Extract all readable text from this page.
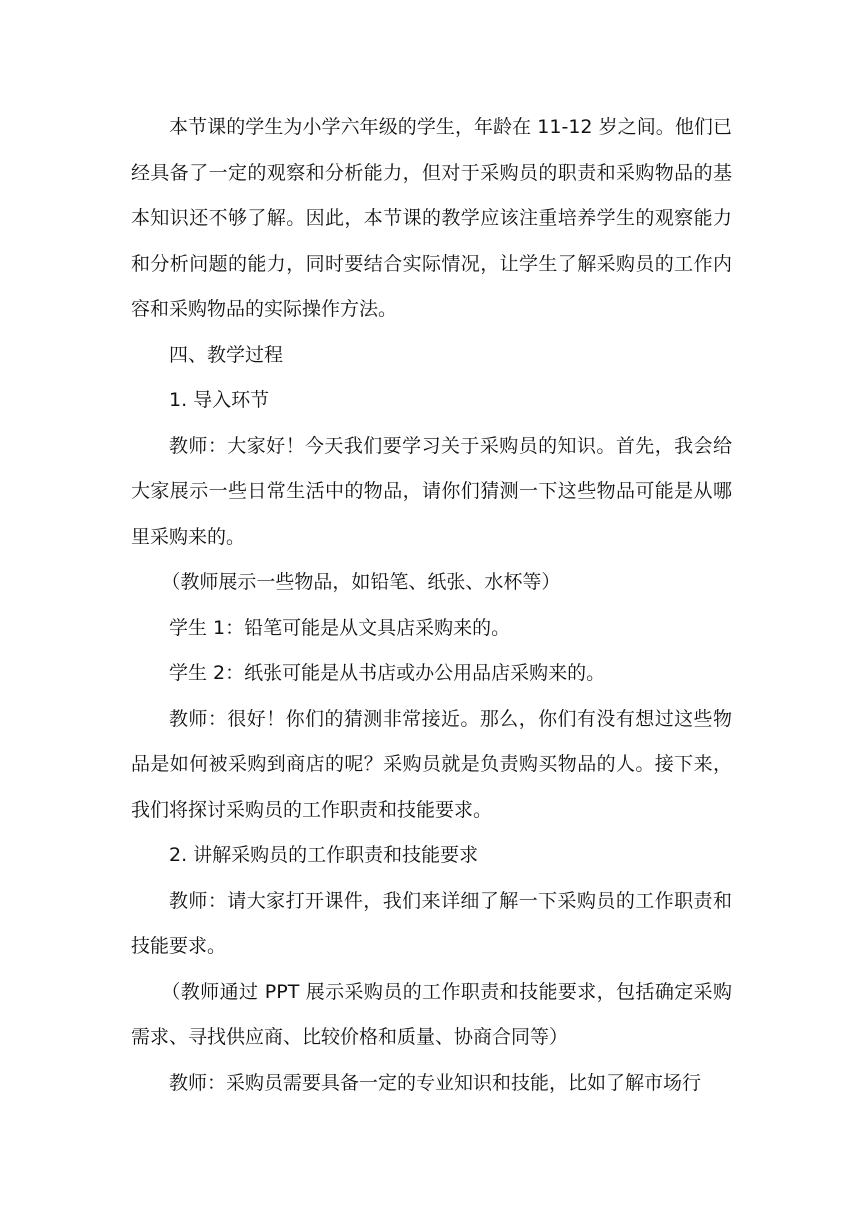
本节课的学生为小学六年级的学生，年龄在 11-12 岁之间。他们已经具备了一定的观察和分析能力，但对于采购员的职责和采购物品的基本知识还不够了解。因此，本节课的教学应该注重培养学生的观察能力和分析问题的能力，同时要结合实际情况，让学生了解采购员的工作内容和采购物品的实际操作方法。

四、教学过程

1. 导入环节

教师：大家好！今天我们要学习关于采购员的知识。首先，我会给大家展示一些日常生活中的物品，请你们猜测一下这些物品可能是从哪里采购来的。

（教师展示一些物品，如铅笔、纸张、水杯等）

学生 1：铅笔可能是从文具店采购来的。

学生 2：纸张可能是从书店或办公用品店采购来的。

教师：很好！你们的猜测非常接近。那么，你们有没有想过这些物品是如何被采购到商店的呢？采购员就是负责购买物品的人。接下来，我们将探讨采购员的工作职责和技能要求。

2. 讲解采购员的工作职责和技能要求

教师：请大家打开课件，我们来详细了解一下采购员的工作职责和技能要求。

（教师通过 PPT 展示采购员的工作职责和技能要求，包括确定采购需求、寻找供应商、比较价格和质量、协商合同等）

教师：采购员需要具备一定的专业知识和技能，比如了解市场行
